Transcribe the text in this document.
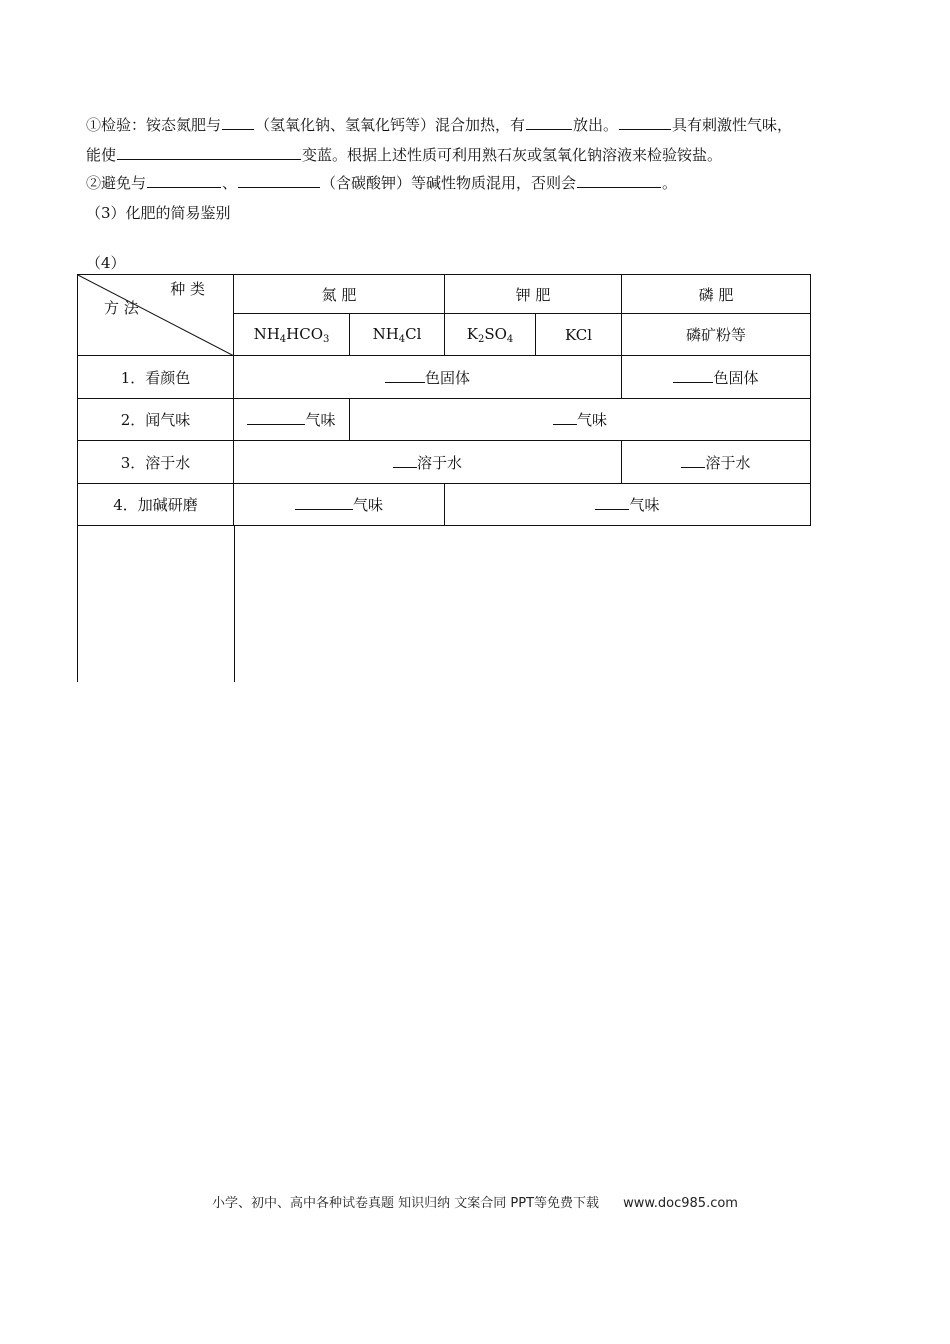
①检验：铵态氮肥与 （氢氧化钠、氢氧化钙等）混合加热，有	放出。	具有刺激性气味，
能使	变蓝。根据上述性质可利用熟石灰或氢氧化钠溶液来检验铵盐。
②避免与	、	（含碳酸钾）等碱性物质混用，否则会	。
（3）化肥的简易鉴别
（4）
种 类
方 法	氮 肥		钾 肥		磷 肥
	$NH_4HCO_3$	$NH_4Cl$	$K_2SO_4$	KCl	磷矿粉等
1．看颜色	色固体				色固体
2．闻气味	气味	气味			
3．溶于水	溶于水				溶于水
4．加碱研磨	气味		气味		
小学、初中、高中各种试卷真题 知识归纳 文案合同 PPT等免费下载 www.doc985.com
